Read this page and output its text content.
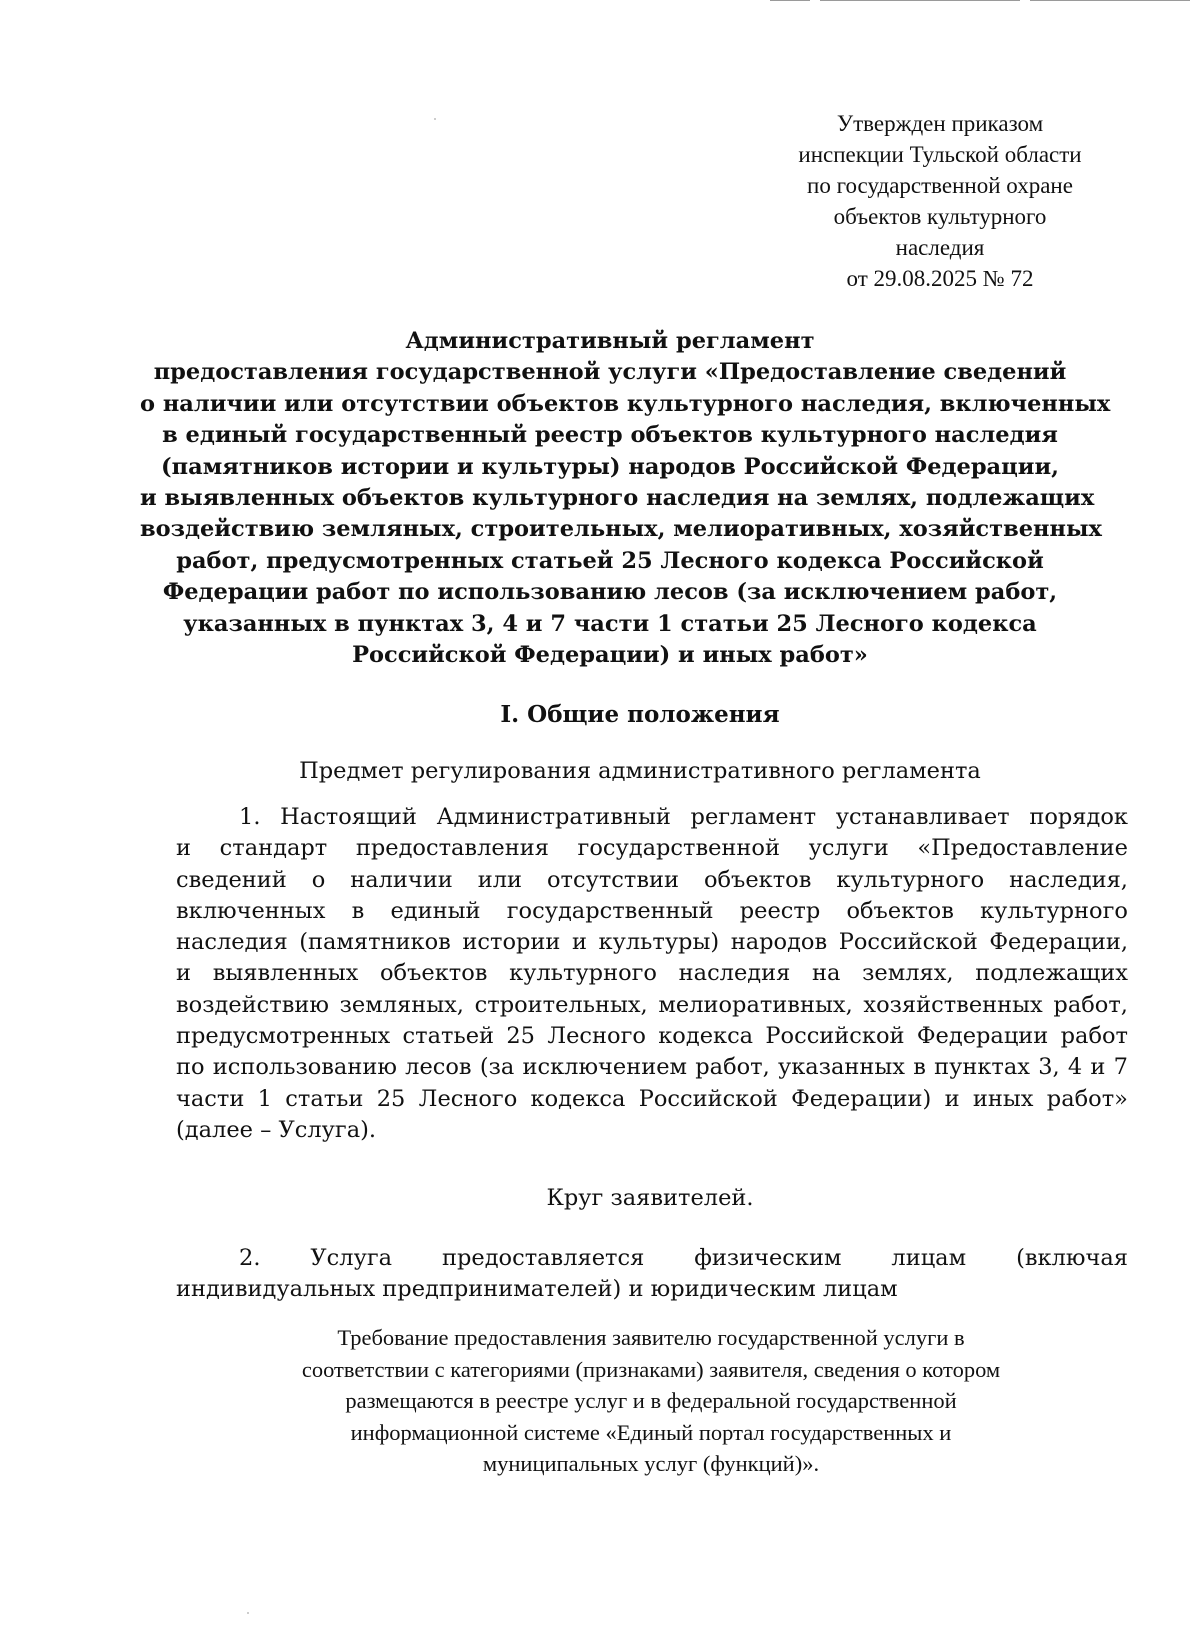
Утвержден приказом
инспекции Тульской области
по государственной охране
объектов культурного
наследия
от 29.08.2025 № 72
Административный регламент
предоставления государственной услуги «Предоставление сведений
о наличии или отсутствии объектов культурного наследия, включенных
в единый государственный реестр объектов культурного наследия
(памятников истории и культуры) народов Российской Федерации,
и выявленных объектов культурного наследия на землях, подлежащих
воздействию земляных, строительных, мелиоративных, хозяйственных
работ, предусмотренных статьей 25 Лесного кодекса Российской
Федерации работ по использованию лесов (за исключением работ,
указанных в пунктах 3, 4 и 7 части 1 статьи 25 Лесного кодекса
Российской Федерации) и иных работ»
I. Общие положения
Предмет регулирования административного регламента
1. Настоящий Административный регламент устанавливает порядок
и стандарт предоставления государственной услуги «Предоставление
сведений о наличии или отсутствии объектов культурного наследия,
включенных в единый государственный реестр объектов культурного
наследия (памятников истории и культуры) народов Российской Федерации,
и выявленных объектов культурного наследия на землях, подлежащих
воздействию земляных, строительных, мелиоративных, хозяйственных работ,
предусмотренных статьей 25 Лесного кодекса Российской Федерации работ
по использованию лесов (за исключением работ, указанных в пунктах 3, 4 и 7
части 1 статьи 25 Лесного кодекса Российской Федерации) и иных работ»
(далее – Услуга).
Круг заявителей.
2. Услуга предоставляется физическим лицам (включая
индивидуальных предпринимателей) и юридическим лицам
Требование предоставления заявителю государственной услуги в
соответствии с категориями (признаками) заявителя, сведения о котором
размещаются в реестре услуг и в федеральной государственной
информационной системе «Единый портал государственных и
муниципальных услуг (функций)».
